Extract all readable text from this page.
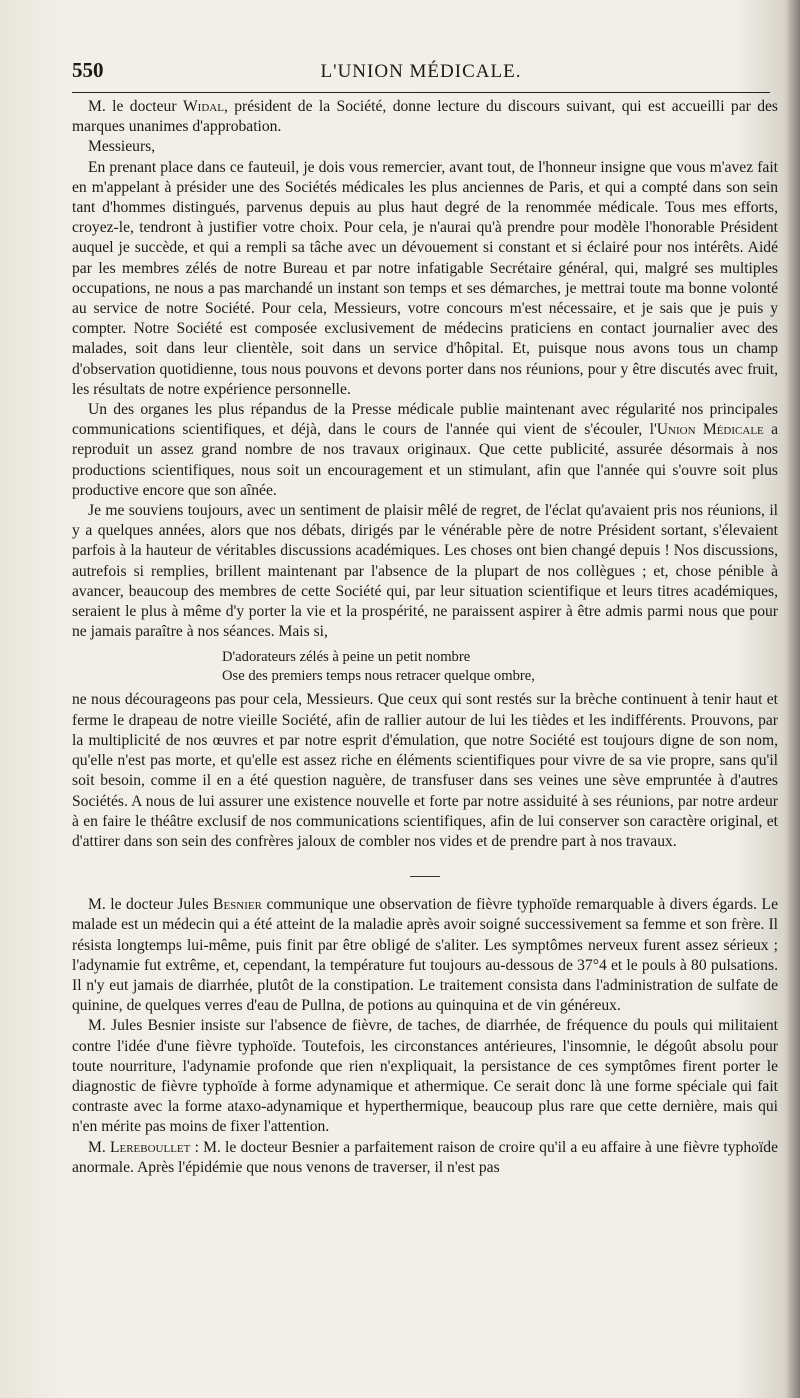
550	L'UNION MÉDICALE.

M. le docteur Widal, président de la Société, donne lecture du discours suivant, qui est accueilli par des marques unanimes d'approbation.

Messieurs,

En prenant place dans ce fauteuil, je dois vous remercier, avant tout, de l'honneur insigne que vous m'avez fait en m'appelant à présider une des Sociétés médicales les plus anciennes de Paris, et qui a compté dans son sein tant d'hommes distingués, parvenus depuis au plus haut degré de la renommée médicale. Tous mes efforts, croyez-le, tendront à justifier votre choix. Pour cela, je n'aurai qu'à prendre pour modèle l'honorable Président auquel je succède, et qui a rempli sa tâche avec un dévouement si constant et si éclairé pour nos intérêts. Aidé par les membres zélés de notre Bureau et par notre infatigable Secrétaire général, qui, malgré ses multiples occupations, ne nous a pas marchandé un instant son temps et ses démarches, je mettrai toute ma bonne volonté au service de notre Société. Pour cela, Messieurs, votre concours m'est nécessaire, et je sais que je puis y compter. Notre Société est composée exclusivement de médecins praticiens en contact journalier avec des malades, soit dans leur clientèle, soit dans un service d'hôpital. Et, puisque nous avons tous un champ d'observation quotidienne, tous nous pouvons et devons porter dans nos réunions, pour y être discutés avec fruit, les résultats de notre expérience personnelle.

Un des organes les plus répandus de la Presse médicale publie maintenant avec régularité nos principales communications scientifiques, et déjà, dans le cours de l'année qui vient de s'écouler, l'Union Médicale a reproduit un assez grand nombre de nos travaux originaux. Que cette publicité, assurée désormais à nos productions scientifiques, nous soit un encouragement et un stimulant, afin que l'année qui s'ouvre soit plus productive encore que son aînée.

Je me souviens toujours, avec un sentiment de plaisir mêlé de regret, de l'éclat qu'avaient pris nos réunions, il y a quelques années, alors que nos débats, dirigés par le vénérable père de notre Président sortant, s'élevaient parfois à la hauteur de véritables discussions académiques. Les choses ont bien changé depuis ! Nos discussions, autrefois si remplies, brillent maintenant par l'absence de la plupart de nos collègues ; et, chose pénible à avancer, beaucoup des membres de cette Société qui, par leur situation scientifique et leurs titres académiques, seraient le plus à même d'y porter la vie et la prospérité, ne paraissent aspirer à être admis parmi nous que pour ne jamais paraître à nos séances. Mais si,

D'adorateurs zélés à peine un petit nombre
Ose des premiers temps nous retracer quelque ombre,

ne nous décourageons pas pour cela, Messieurs. Que ceux qui sont restés sur la brèche continuent à tenir haut et ferme le drapeau de notre vieille Société, afin de rallier autour de lui les tièdes et les indifférents. Prouvons, par la multiplicité de nos œuvres et par notre esprit d'émulation, que notre Société est toujours digne de son nom, qu'elle n'est pas morte, et qu'elle est assez riche en éléments scientifiques pour vivre de sa vie propre, sans qu'il soit besoin, comme il en a été question naguère, de transfuser dans ses veines une sève empruntée à d'autres Sociétés. A nous de lui assurer une existence nouvelle et forte par notre assiduité à ses réunions, par notre ardeur à en faire le théâtre exclusif de nos communications scientifiques, afin de lui conserver son caractère original, et d'attirer dans son sein des confrères jaloux de combler nos vides et de prendre part à nos travaux.

M. le docteur Jules Besnier communique une observation de fièvre typhoïde remarquable à divers égards. Le malade est un médecin qui a été atteint de la maladie après avoir soigné successivement sa femme et son frère. Il résista longtemps lui-même, puis finit par être obligé de s'aliter. Les symptômes nerveux furent assez sérieux ; l'adynamie fut extrême, et, cependant, la température fut toujours au-dessous de 37°4 et le pouls à 80 pulsations. Il n'y eut jamais de diarrhée, plutôt de la constipation. Le traitement consista dans l'administration de sulfate de quinine, de quelques verres d'eau de Pullna, de potions au quinquina et de vin généreux.

M. Jules Besnier insiste sur l'absence de fièvre, de taches, de diarrhée, de fréquence du pouls qui militaient contre l'idée d'une fièvre typhoïde. Toutefois, les circonstances antérieures, l'insomnie, le dégoût absolu pour toute nourriture, l'adynamie profonde que rien n'expliquait, la persistance de ces symptômes firent porter le diagnostic de fièvre typhoïde à forme adynamique et athermique. Ce serait donc là une forme spéciale qui fait contraste avec la forme ataxo-adynamique et hyperthermique, beaucoup plus rare que cette dernière, mais qui n'en mérite pas moins de fixer l'attention.

M. Lereboullet : M. le docteur Besnier a parfaitement raison de croire qu'il a eu affaire à une fièvre typhoïde anormale. Après l'épidémie que nous venons de traverser, il n'est pas
